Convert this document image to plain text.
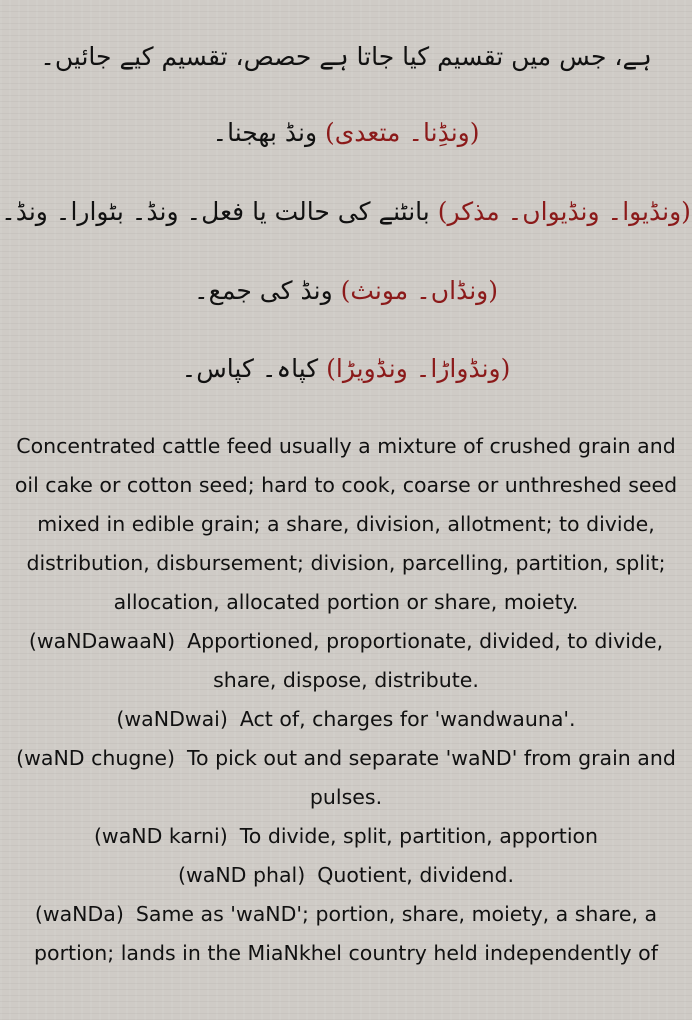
ہے، جس میں تقسیم کیا جاتا ہے حصص، تقسیم کیے جائیں۔
(ونڈِنا۔ متعدی) ونڈ بھجنا۔
(ونڈیوا۔ ونڈیواں۔ مذکر) بانٹنے کی حالت یا فعل۔ ونڈ۔ بٹوارا۔ ونڈ۔
(ونڈاں۔ مونث) ونڈ کی جمع۔
(ونڈواڑا۔ ونڈویڑا) کپاہ۔ کپاس۔

Concentrated cattle feed usually a mixture of crushed grain and oil cake or cotton seed; hard to cook, coarse or unthreshed seed mixed in edible grain; a share, division, allotment; to divide, distribution, disbursement; division, parcelling, partition, split; allocation, allocated portion or share, moiety.

(waNDawaaN) Apportioned, proportionate, divided, to divide, share, dispose, distribute.

(waNDwai) Act of, charges for 'wandwauna'.

(waND chugne) To pick out and separate 'waND' from grain and pulses.

(waND karni) To divide, split, partition, apportion

(waND phal) Quotient, dividend.

(waNDa) Same as 'waND'; portion, share, moiety, a share, a portion; lands in the MiaNkhel country held independently of
